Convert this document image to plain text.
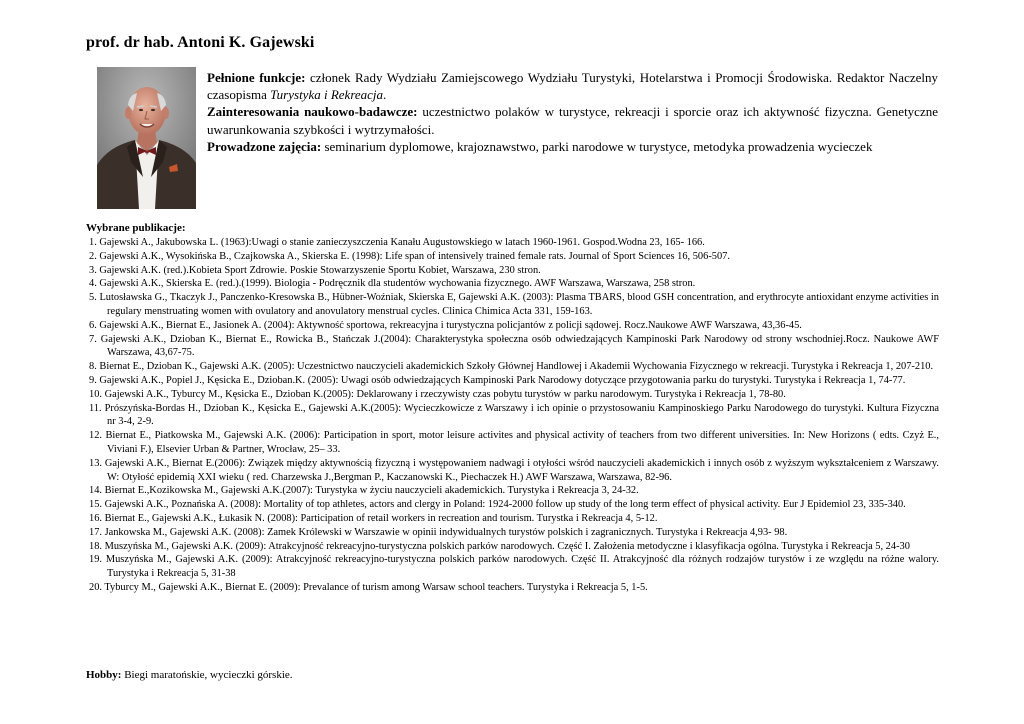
prof. dr hab. Antoni K. Gajewski

Pełnione funkcje: członek Rady Wydziału Zamiejscowego Wydziału Turystyki, Hotelarstwa i Promocji Środowiska. Redaktor Naczelny czasopisma Turystyka i Rekreacja.

Zainteresowania naukowo-badawcze: uczestnictwo polaków w turystyce, rekreacji i sporcie oraz ich aktywność fizyczna. Genetyczne uwarunkowania szybkości i wytrzymałości.

Prowadzone zajęcia: seminarium dyplomowe, krajoznawstwo, parki narodowe w turystyce, metodyka prowadzenia wycieczek

Wybrane publikacje:
1. Gajewski A., Jakubowska L. (1963):Uwagi o stanie zanieczyszczenia Kanału Augustowskiego w latach 1960-1961. Gospod.Wodna 23, 165- 166.
2. Gajewski A.K., Wysokińska B., Czajkowska A., Skierska E. (1998): Life span of intensively trained female rats. Journal of Sport Sciences 16, 506-507.
3. Gajewski A.K. (red.).Kobieta Sport Zdrowie. Poskie Stowarzyszenie Sportu Kobiet, Warszawa, 230 stron.
4. Gajewski A.K., Skierska E. (red.).(1999). Biologia - Podręcznik dla studentów wychowania fizycznego. AWF Warszawa, Warszawa, 258 stron.
5. Lutosławska G., Tkaczyk J., Panczenko-Kresowska B., Hübner-Woźniak, Skierska E, Gajewski A.K. (2003): Plasma TBARS, blood GSH concentration, and erythrocyte antioxidant enzyme activities in regulary menstruating women with ovulatory and anovulatory menstrual cycles. Clinica Chimica Acta 331, 159-163.
6. Gajewski A.K., Biernat E., Jasionek A. (2004): Aktywność sportowa, rekreacyjna i turystyczna policjantów z policji sądowej. Rocz.Naukowe AWF Warszawa, 43,36-45.
7. Gajewski A.K., Dzioban K., Biernat E., Rowicka B., Stańczak J.(2004): Charakterystyka społeczna osób odwiedzających Kampinoski Park Narodowy od strony wschodniej.Rocz. Naukowe AWF Warszawa, 43,67-75.
8. Biernat E., Dzioban K., Gajewski A.K. (2005): Uczestnictwo nauczycieli akademickich Szkoły Głównej Handlowej i Akademii Wychowania Fizycznego w rekreacji. Turystyka i Rekreacja 1, 207-210.
9. Gajewski A.K., Popiel J., Kęsicka E., Dzioban.K. (2005): Uwagi osób odwiedzających Kampinoski Park Narodowy dotyczące przygotowania parku do turystyki. Turystyka i Rekreacja 1, 74-77.
10. Gajewski A.K., Tyburcy M., Kęsicka E., Dzioban K.(2005): Deklarowany i rzeczywisty czas pobytu turystów w parku narodowym. Turystyka i Rekreacja 1, 78-80.
11. Prószyńska-Bordas H., Dzioban K., Kęsicka E., Gajewski A.K.(2005): Wycieczkowicze z Warszawy i ich opinie o przystosowaniu Kampinoskiego Parku Narodowego do turystyki. Kultura Fizyczna nr 3-4, 2-9.
12. Biernat E., Piatkowska M., Gajewski A.K. (2006): Participation in sport, motor leisure activites and physical activity of teachers from two different universities. In: New Horizons ( edts. Czyż E., Viviani F.), Elsevier Urban & Partner, Wrocław, 25– 33.
13. Gajewski A.K., Biernat E.(2006): Związek między aktywnością fizyczną i występowaniem nadwagi i otyłości wśród nauczycieli akademickich i innych osób z wyższym wykształceniem z Warszawy. W: Otyłość epidemią XXI wieku ( red. Charzewska J.,Bergman P., Kaczanowski K., Piechaczek H.) AWF Warszawa, Warszawa, 82-96.
14. Biernat E.,Kozikowska M., Gajewski A.K.(2007): Turystyka w życiu nauczycieli akademickich. Turystyka i Rekreacja 3, 24-32.
15. Gajewski A.K., Poznańska A. (2008): Mortality of top athletes, actors and clergy in Poland: 1924-2000 follow up study of the long term effect of physical activity. Eur J Epidemiol 23, 335-340.
16. Biernat E., Gajewski A.K., Łukasik N. (2008): Participation of retail workers in recreation and tourism. Turystka i Rekreacja 4, 5-12.
17. Jankowska M., Gajewski A.K. (2008): Zamek Królewski w Warszawie w opinii indywidualnych turystów polskich i zagranicznych. Turystyka i Rekreacja 4,93- 98.
18. Muszyńska M., Gajewski A.K. (2009): Atrakcyjność rekreacyjno-turystyczna polskich parków narodowych. Część I. Założenia metodyczne i klasyfikacja ogólna. Turystyka i Rekreacja 5, 24-30
19. Muszyńska M., Gajewski A.K. (2009): Atrakcyjność rekreacyjno-turystyczna polskich parków narodowych. Część II. Atrakcyjność dla różnych rodzajów turystów i ze względu na różne walory. Turystyka i Rekreacja 5, 31-38
20. Tyburcy M., Gajewski A.K., Biernat E. (2009): Prevalance of turism among Warsaw school teachers. Turystyka i Rekreacja 5, 1-5.
Hobby: Biegi maratońskie, wycieczki górskie.
